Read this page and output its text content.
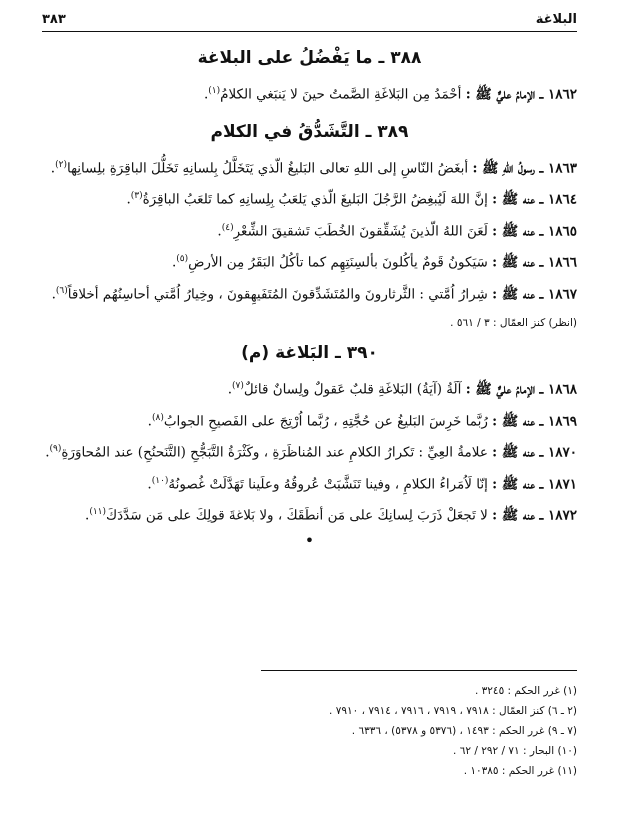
البلاغة
٣٨٣
٣٨٨ ـ ما يَفْضُلُ على البلاغة

١٨٦٢ ـ الإمامُ عليٌّ ﷺ : أحْمَدُ مِن البَلاغَةِ الصَّمتُ حينَ لا يَنبَغي الكلامُ$^{(١)}$.

٣٨٩ ـ التَّشَدُّقُ في الكلام

١٨٦٣ ـ رسولُ اللهِ ﷺ : أبغَضُ النّاسِ إلى اللهِ تعالى البَليغُ الّذي يَتَخَلَّلُ بِلسانِهِ تَخَلُّلَ الباقِرَةِ بلِسانِها$^{(٢)}$.

١٨٦٤ ـ عنه ﷺ : إنَّ اللهَ لَيُبغِضُ الرَّجُلَ البَليغَ الّذي يَلعَبُ بِلِسانِهِ كما تَلعَبُ الباقِرَةُ$^{(٣)}$.

١٨٦٥ ـ عنه ﷺ : لَعَنَ اللهُ الّذينَ يُشَقِّقونَ الخُطَبَ تَشقيقَ الشِّعْرِ$^{(٤)}$.

١٨٦٦ ـ عنه ﷺ : سَيَكونُ قَومٌ يأكُلونَ بألسِنَتِهِم كما تأكُلُ البَقَرُ مِن الأرضِ$^{(٥)}$.

١٨٦٧ ـ عنه ﷺ : شِرارُ اُمَّتي : الثَّرثارونَ والمُتَشَدِّقونَ المُتَفَيهِقونَ ، وخِيارُ اُمَّتي أحاسِنُهُم أخلاقاً$^{(٦)}$.

(انظر) كنز العمّال : ٣ / ٥٦١ .
٣٩٠ ـ البَلاغة (م)

١٨٦٨ ـ الإمامُ عليٌّ ﷺ : آلَةُ (آيَةُ) البَلاغَةِ قلبٌ عَقولٌ ولِسانٌ قائلٌ$^{(٧)}$.

١٨٦٩ ـ عنه ﷺ : رُبَّما خَرِسَ البَليغُ عن حُجَّتِهِ ، رُبَّما اُرْتِجَ على الفَصيحِ الجوابُ$^{(٨)}$.

١٨٧٠ ـ عنه ﷺ : علامةُ العِيِّ : تَكرارُ الكلامِ عند المُناظَرَةِ ، وكَثْرَةُ التَّبَجُّحِ (التَّنَحنُحِ) عند المُحاوَرَةِ$^{(٩)}$.

١٨٧١ ـ عنه ﷺ : إنّا لَاُمَراءُ الكلامِ ، وفينا تَنَشَّبَتْ عُروقُهُ وعلَينا تَهَدَّلَتْ غُصونُهُ$^{(١٠)}$.

١٨٧٢ ـ عنه ﷺ : لا تَجعَلْ ذَرَبَ لِسانِكَ على مَن أنطَقَكَ ، ولا بَلاغةَ قولِكَ على مَن سَدَّدَكَ$^{(١١)}$.

•
(١) غرر الحكم : ٣٢٤٥ .
(٢ ـ ٦) كنز العمّال : ٧٩١٨ ، ٧٩١٩ ، ٧٩١٦ ، ٧٩١٤ ، ٧٩١٠ .
(٧ ـ ٩) غرر الحكم : ١٤٩٣ ، (٥٣٧٦ و ٥٣٧٨) ، ٦٣٣٦ .
(١٠) البحار : ٧١ / ٢٩٢ / ٦٢ .
(١١) غرر الحكم : ١٠٣٨٥ .
